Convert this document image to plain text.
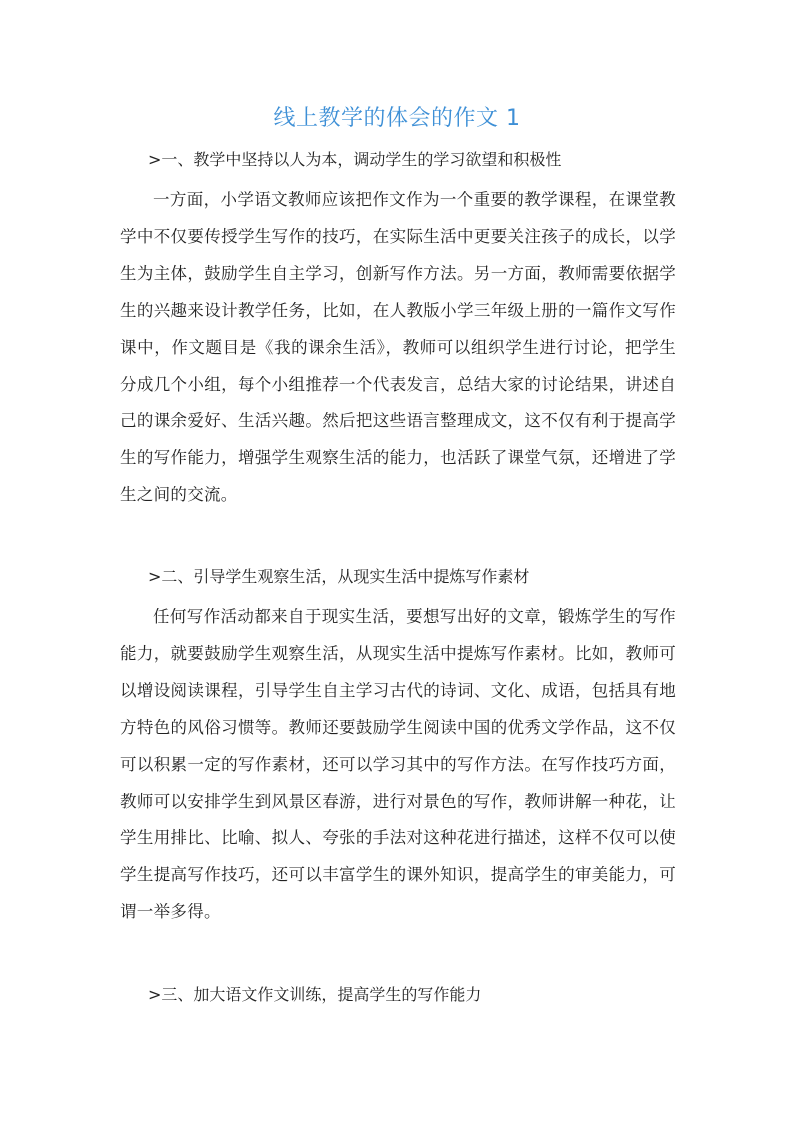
线上教学的体会的作文 1
>一、教学中坚持以人为本，调动学生的学习欲望和积极性
一方面，小学语文教师应该把作文作为一个重要的教学课程，在课堂教学中不仅要传授学生写作的技巧，在实际生活中更要关注孩子的成长，以学生为主体，鼓励学生自主学习，创新写作方法。另一方面，教师需要依据学生的兴趣来设计教学任务，比如，在人教版小学三年级上册的一篇作文写作课中，作文题目是《我的课余生活》，教师可以组织学生进行讨论，把学生分成几个小组，每个小组推荐一个代表发言，总结大家的讨论结果，讲述自己的课余爱好、生活兴趣。然后把这些语言整理成文，这不仅有利于提高学生的写作能力，增强学生观察生活的能力，也活跃了课堂气氛，还增进了学生之间的交流。
>二、引导学生观察生活，从现实生活中提炼写作素材
任何写作活动都来自于现实生活，要想写出好的文章，锻炼学生的写作能力，就要鼓励学生观察生活，从现实生活中提炼写作素材。比如，教师可以增设阅读课程，引导学生自主学习古代的诗词、文化、成语，包括具有地方特色的风俗习惯等。教师还要鼓励学生阅读中国的优秀文学作品，这不仅可以积累一定的写作素材，还可以学习其中的写作方法。在写作技巧方面，教师可以安排学生到风景区春游，进行对景色的写作，教师讲解一种花，让学生用排比、比喻、拟人、夸张的手法对这种花进行描述，这样不仅可以使学生提高写作技巧，还可以丰富学生的课外知识，提高学生的审美能力，可谓一举多得。
>三、加大语文作文训练，提高学生的写作能力
